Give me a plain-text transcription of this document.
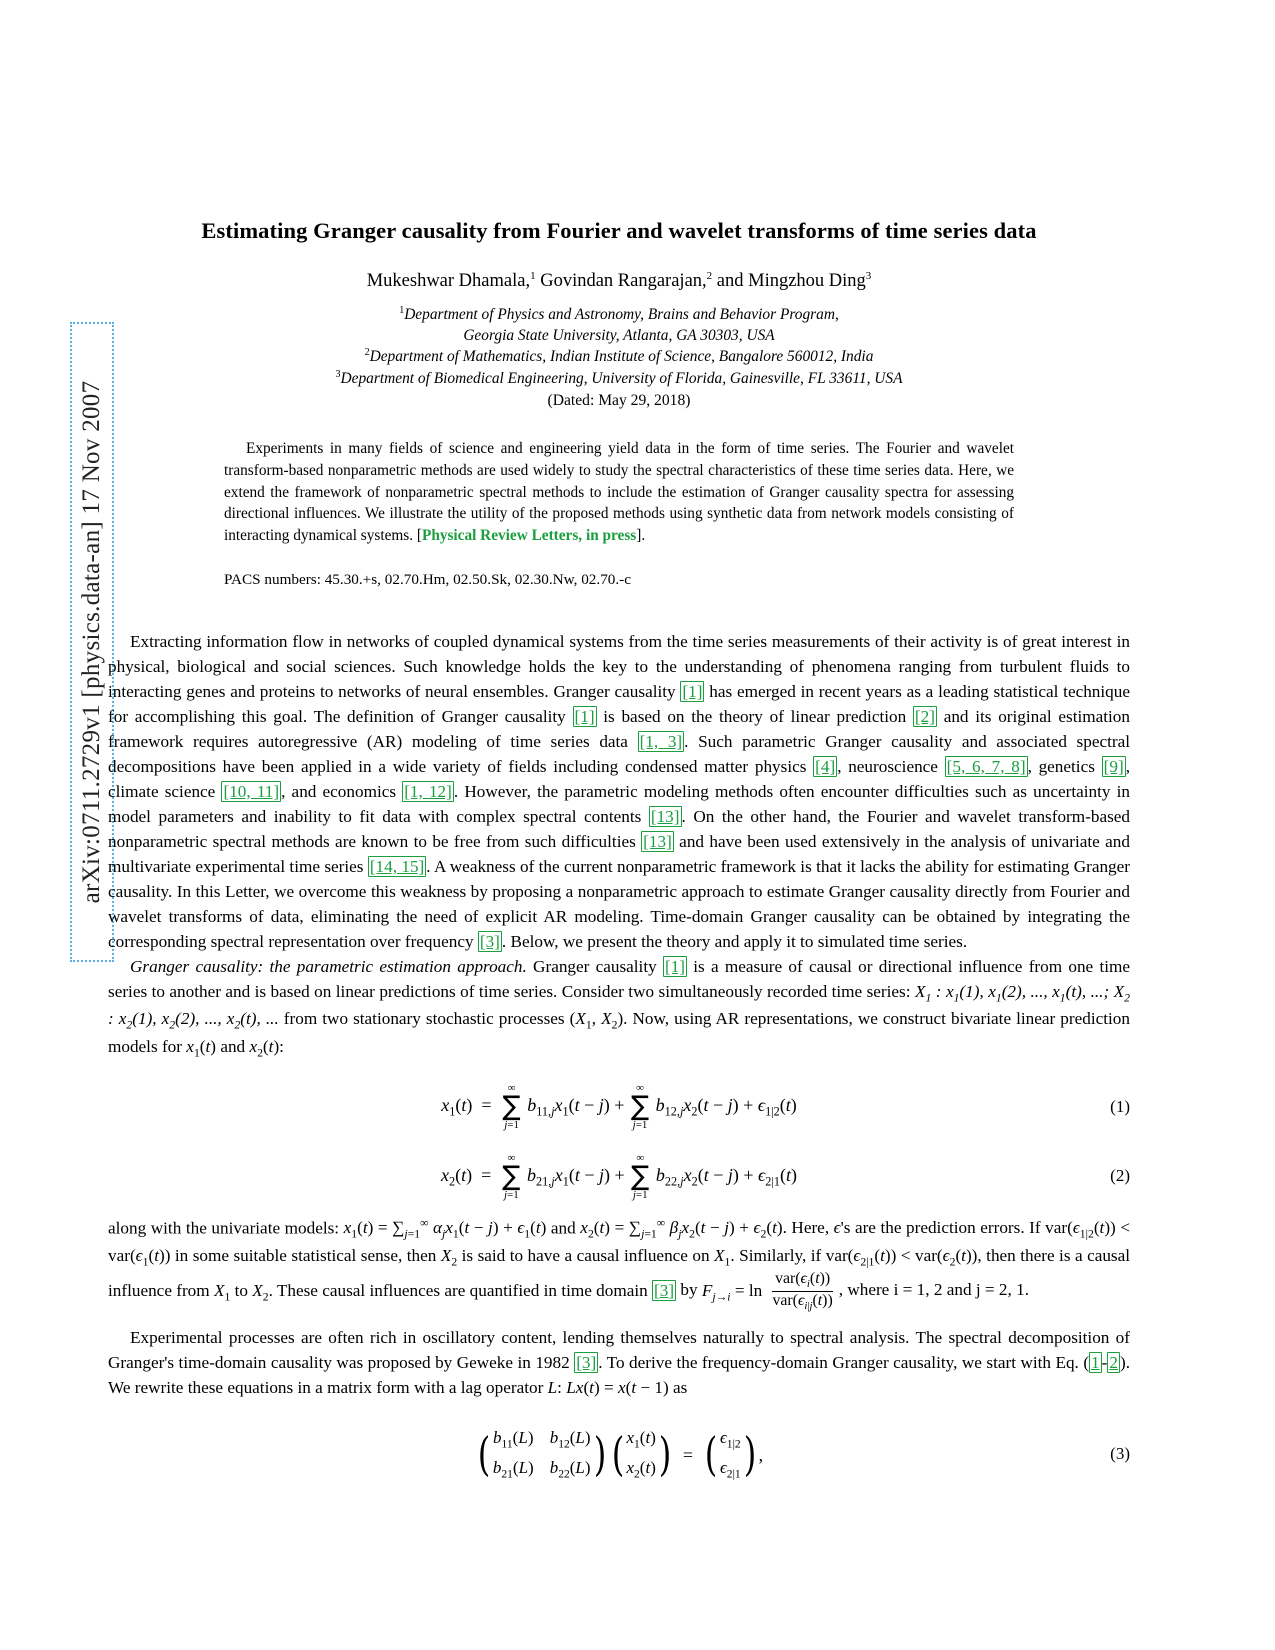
arXiv:0711.2729v1 [physics.data-an] 17 Nov 2007
Estimating Granger causality from Fourier and wavelet transforms of time series data
Mukeshwar Dhamala,$^1$ Govindan Rangarajan,$^2$ and Mingzhou Ding$^3$
$^1$Department of Physics and Astronomy, Brains and Behavior Program,
Georgia State University, Atlanta, GA 30303, USA
$^2$Department of Mathematics, Indian Institute of Science, Bangalore 560012, India
$^3$Department of Biomedical Engineering, University of Florida, Gainesville, FL 33611, USA
(Dated: May 29, 2018)
Experiments in many fields of science and engineering yield data in the form of time series. The Fourier and wavelet transform-based nonparametric methods are used widely to study the spectral characteristics of these time series data. Here, we extend the framework of nonparametric spectral methods to include the estimation of Granger causality spectra for assessing directional influences. We illustrate the utility of the proposed methods using synthetic data from network models consisting of interacting dynamical systems. [Physical Review Letters, in press].
PACS numbers: 45.30.+s, 02.70.Hm, 02.50.Sk, 02.30.Nw, 02.70.-c

Extracting information flow in networks of coupled dynamical systems from the time series measurements of their activity is of great interest in physical, biological and social sciences. Such knowledge holds the key to the understanding of phenomena ranging from turbulent fluids to interacting genes and proteins to networks of neural ensembles. Granger causality [1] has emerged in recent years as a leading statistical technique for accomplishing this goal. The definition of Granger causality [1] is based on the theory of linear prediction [2] and its original estimation framework requires autoregressive (AR) modeling of time series data [1, 3] . Such parametric Granger causality and associated spectral decompositions have been applied in a wide variety of fields including condensed matter physics [4] , neuroscience [5, 6, 7, 8] , genetics [9] , climate science [10, 11] , and economics [1, 12] . However, the parametric modeling methods often encounter difficulties such as uncertainty in model parameters and inability to fit data with complex spectral contents [13] . On the other hand, the Fourier and wavelet transform-based nonparametric spectral methods are known to be free from such difficulties [13] and have been used extensively in the analysis of univariate and multivariate experimental time series [14, 15] . A weakness of the current nonparametric framework is that it lacks the ability for estimating Granger causality. In this Letter, we overcome this weakness by proposing a nonparametric approach to estimate Granger causality directly from Fourier and wavelet transforms of data, eliminating the need of explicit AR modeling. Time-domain Granger causality can be obtained by integrating the corresponding spectral representation over frequency [3] . Below, we present the theory and apply it to simulated time series.

Granger causality: the parametric estimation approach. Granger causality [1] is a measure of causal or directional influence from one time series to another and is based on linear predictions of time series. Consider two simultaneously recorded time series: $X_1$ : $x_1(1)$, $x_1(2)$, ..., $x_1(t)$, ...; $X_2$ : $x_2(1)$, $x_2(2)$, ..., $x_2(t)$, ... from two stationary stochastic processes ($X_1$, $X_2$). Now, using AR representations, we construct bivariate linear prediction models for $x_1(t)$ and $x_2(t)$:

$x_1(t)$  =
∞
∑
j=1
$b_{11,j}x_1(t - j)$ +
∞
∑
j=1
$b_{12,j}x_2(t - j) + \epsilon_{1|2}(t)$	(1)
$x_2(t)$  =
∞
∑
j=1
$b_{21,j}x_1(t - j)$ +
∞
∑
j=1
$b_{22,j}x_2(t - j) + \epsilon_{2|1}(t)$	(2)

along with the univariate models: $x_1(t) = \sum_{j=1}^\infty$ $\alpha_jx_1(t - j) + \epsilon_1(t)$ and $x_2(t) = \sum_{j=1}^\infty$ $\beta_jx_2(t - j) + \epsilon_2(t)$. Here, ϵ's are the prediction errors. If $var(\epsilon_{1|2}(t)) < var(\epsilon_1(t))$ in some suitable statistical sense, then $X_2$ is said to have a causal influence on $X_1$. Similarly, if $var(\epsilon_{2|1}(t)) < var(\epsilon_2(t))$, then there is a causal influence from $X_1$ to $X_2$. These causal influences are quantified in time domain [3] by $F_{j\to i} = \ln \frac{var(\epsilon_i(t))}{var(\epsilon_{i|j}(t))}$ , where i = 1, 2 and j = 2, 1.

Experimental processes are often rich in oscillatory content, lending themselves naturally to spectral analysis. The spectral decomposition of Granger's time-domain causality was proposed by Geweke in 1982 [3] . To derive the frequency-domain Granger causality, we start with Eq. ( 1 - 2 ). We rewrite these equations in a matrix form with a lag operator L: Lx(t) = x(t − 1) as

( $b_{11}(L)$ $b_{12}(L)$
$b_{21}(L)$ $b_{22}(L)$ ) ( $x_1(t)$
$x_2(t)$ ) = ( $\epsilon_{1|2}$
$\epsilon_{2|1}$ ) ,	(3)
